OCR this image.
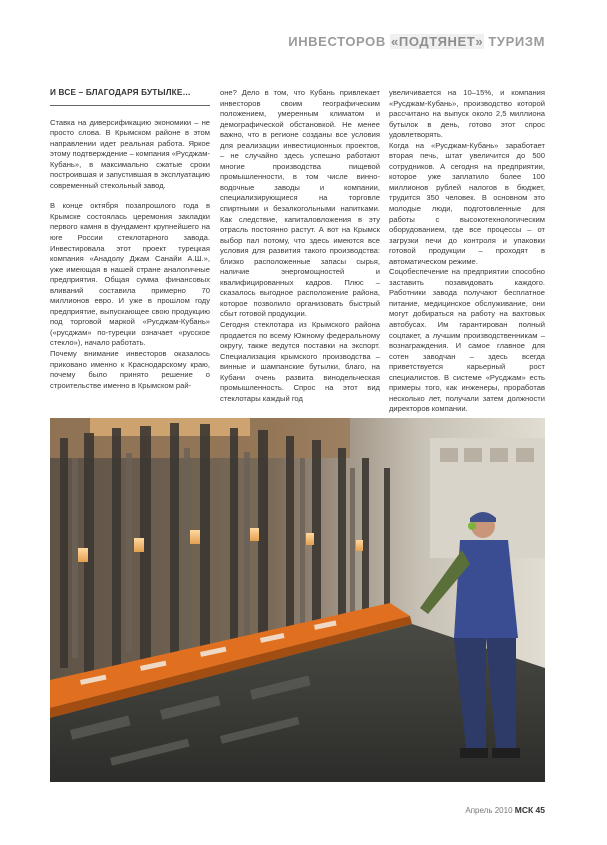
ИНВЕСТОРОВ «ПОДТЯНЕТ» ТУРИЗМ
И ВСЕ – БЛАГОДАРЯ БУТЫЛКЕ…

Ставка на диверсификацию экономики – не просто слова. В Крымском районе в этом направлении идет реальная работа. Яркое этому подтверждение – компания «Русджам-Кубань», в максимально сжатые сроки построившая и запустившая в эксплуатацию современный стекольный завод.

В конце октября позапрошлого года в Крымске состоялась церемония закладки первого камня в фундамент крупнейшего на юге России стеклотарного завода. Инвестировала этот проект турецкая компания «Анадолу Джам Санайи А.Ш.», уже имеющая в нашей стране аналогичные предприятия. Общая сумма финансовых вливаний составила примерно 70 миллионов евро. И уже в прошлом году предприятие, выпускающее свою продукцию под торговой маркой «Русджам-Кубань» («русджам» по-турецки означает «русское стекло»), начало работать.

Почему внимание инвесторов оказалось приковано именно к Краснодарскому краю, почему было принято решение о строительстве именно в Крымском рай-

оне? Дело в том, что Кубань привлекает инвесторов своим географическим положением, умеренным климатом и демографической обстановкой. Не менее важно, что в регионе созданы все условия для реализации инвестиционных проектов, – не случайно здесь успешно работают многие производства пищевой промышленности, в том числе винно-водочные заводы и компании, специализирующиеся на торговле спиртными и безалкогольными напитками. Как следствие, капиталовложения в эту отрасль постоянно растут. А вот на Крымск выбор пал потому, что здесь имеются все условия для развития такого производства: близко расположенные запасы сырья, наличие энергомощностей и квалифицированных кадров. Плюс – сказалось выгодное расположение района, которое позволило организовать быстрый сбыт готовой продукции.

Сегодня стеклотара из Крымского района продается по всему Южному федеральному округу, также ведутся поставки на экспорт. Специализация крымского производства – винные и шампанские бутылки, благо, на Кубани очень развита винодельческая промышленность. Спрос на этот вид стеклотары каждый год

увеличивается на 10–15%, и компания «Русджам-Кубань», производство которой рассчитано на выпуск около 2,5 миллиона бутылок в день, готово этот спрос удовлетворять.

Когда на «Русджам-Кубань» заработает вторая печь, штат увеличится до 500 сотрудников. А сегодня на предприятии, которое уже заплатило более 100 миллионов рублей налогов в бюджет, трудится 350 человек. В основном это молодые люди, подготовленные для работы с высокотехнологическим оборудованием, где все процессы – от загрузки печи до контроля и упаковки готовой продукции – проходят в автоматическом режиме.

Соцобеспечение на предприятии способно заставить позавидовать каждого. Работники завода получают бесплатное питание, медицинское обслуживание, они могут добираться на работу на вахтовых автобусах. Им гарантирован полный соцпакет, а лучшим производственникам – вознаграждения. И самое главное для сотен заводчан – здесь всегда приветствуется карьерный рост специалистов. В системе «Русджам» есть примеры того, как инженеры, проработав несколько лет, получали затем должности директоров компании.

Апрель 2010 МСК 45
